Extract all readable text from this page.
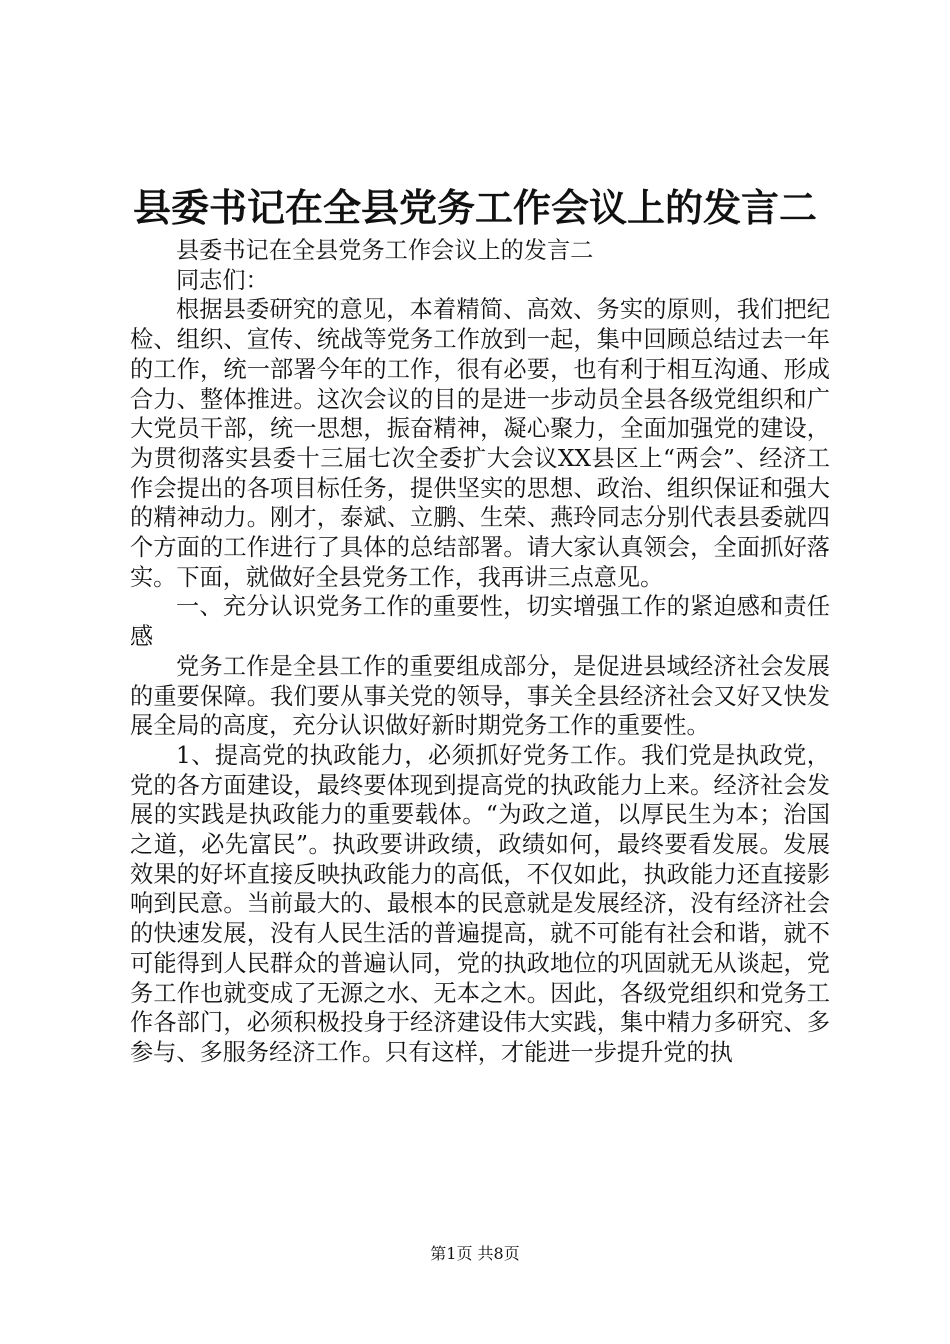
县委书记在全县党务工作会议上的发言二

县委书记在全县党务工作会议上的发言二

同志们：

根据县委研究的意见，本着精简、高效、务实的原则，我们把纪检、组织、宣传、统战等党务工作放到一起，集中回顾总结过去一年的工作，统一部署今年的工作，很有必要，也有利于相互沟通、形成合力、整体推进。这次会议的目的是进一步动员全县各级党组织和广大党员干部，统一思想，振奋精神，凝心聚力，全面加强党的建设，为贯彻落实县委十三届七次全委扩大会议XX县区上“两会”、经济工作会提出的各项目标任务，提供坚实的思想、政治、组织保证和强大的精神动力。刚才，泰斌、立鹏、生荣、燕玲同志分别代表县委就四个方面的工作进行了具体的总结部署。请大家认真领会，全面抓好落实。下面，就做好全县党务工作，我再讲三点意见。

一、充分认识党务工作的重要性，切实增强工作的紧迫感和责任感

党务工作是全县工作的重要组成部分，是促进县域经济社会发展的重要保障。我们要从事关党的领导，事关全县经济社会又好又快发展全局的高度，充分认识做好新时期党务工作的重要性。

1、提高党的执政能力，必须抓好党务工作。我们党是执政党，党的各方面建设，最终要体现到提高党的执政能力上来。经济社会发展的实践是执政能力的重要载体。“为政之道，以厚民生为本；治国之道，必先富民”。执政要讲政绩，政绩如何，最终要看发展。发展效果的好坏直接反映执政能力的高低，不仅如此，执政能力还直接影响到民意。当前最大的、最根本的民意就是发展经济，没有经济社会的快速发展，没有人民生活的普遍提高，就不可能有社会和谐，就不可能得到人民群众的普遍认同，党的执政地位的巩固就无从谈起，党务工作也就变成了无源之水、无本之木。因此，各级党组织和党务工作各部门，必须积极投身于经济建设伟大实践，集中精力多研究、多参与、多服务经济工作。只有这样，才能进一步提升党的执

第1页 共8页
